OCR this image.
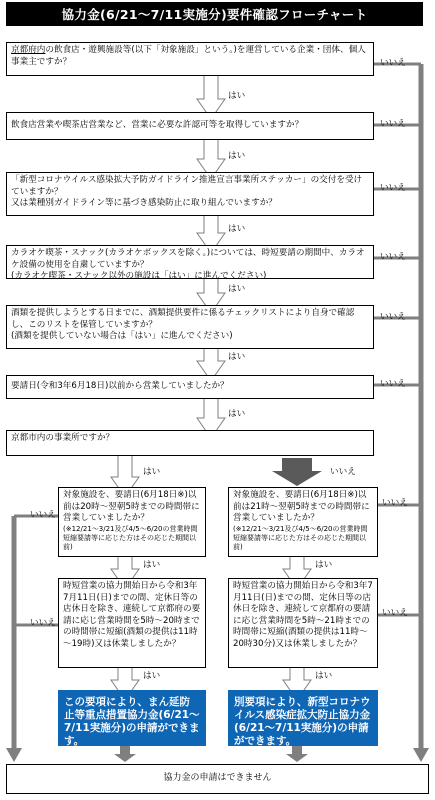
協力金(6/21～7/11実施分)要件確認フローチャート
京都府内の飲食店・遊興施設等(以下「対象施設」という。)を運営している企業・団体、個人事業主ですか？	いいえ
はい
飲食店営業や喫茶店営業など、営業に必要な許認可等を取得していますか？	いいえ
はい
「新型コロナウイルス感染拡大予防ガイドライン推進宣言事業所ステッカー」の交付を受けていますか？
又は業種別ガイドライン等に基づき感染防止に取り組んでいますか？
いいえ
はい
カラオケ喫茶・スナック(カラオケボックスを除く。)については、時短要請の期間中、カラオケ設備の使用を自粛していますか？
(カラオケ喫茶・スナック以外の施設は「はい」に進んでください)
いいえ
はい
酒類を提供しようとする日までに、酒類提供要件に係るチェックリストにより自身で確認し、このリストを保管していますか？
(酒類を提供していない場合は「はい」に進んでください)
いいえ
はい
要請日(令和3年6月18日)以前から営業していましたか？	いいえ
はい
京都市内の事業所ですか？
はい	いいえ
対象施設を、要請日(6月18日※)以前は20時～翌朝5時までの時間帯に営業していましたか？
(※12/21～3/21及び4/5～6/20の営業時間短縮要請等に応じた方はその応じた期間以前)
いいえ
対象施設を、要請日(6月18日※)以前は21時～翌朝5時までの時間帯に営業していましたか？
(※12/21～3/21及び4/5～6/20の営業時間短縮要請等に応じた方はその応じた期間以前)
いいえ
はい	はい
時短営業の協力開始日から令和3年7月11日(日)までの間、定休日等の店休日を除き、連続して京都府の要請に応じ営業時間を5時～20時までの時間帯に短縮(酒類の提供は11時～19時)又は休業しましたか？
いいえ
時短営業の協力開始日から令和3年7月11日(日)までの間、定休日等の店休日を除き、連続して京都府の要請に応じ営業時間を5時～21時までの時間帯に短縮(酒類の提供は11時～20時30分)又は休業しましたか？
いいえ
はい	はい
この要項により、まん延防止等重点措置協力金(6/21～7/11実施分)の申請ができます。
別要項により、新型コロナウイルス感染症拡大防止協力金(6/21～7/11実施分)の申請ができます。
協力金の申請はできません
